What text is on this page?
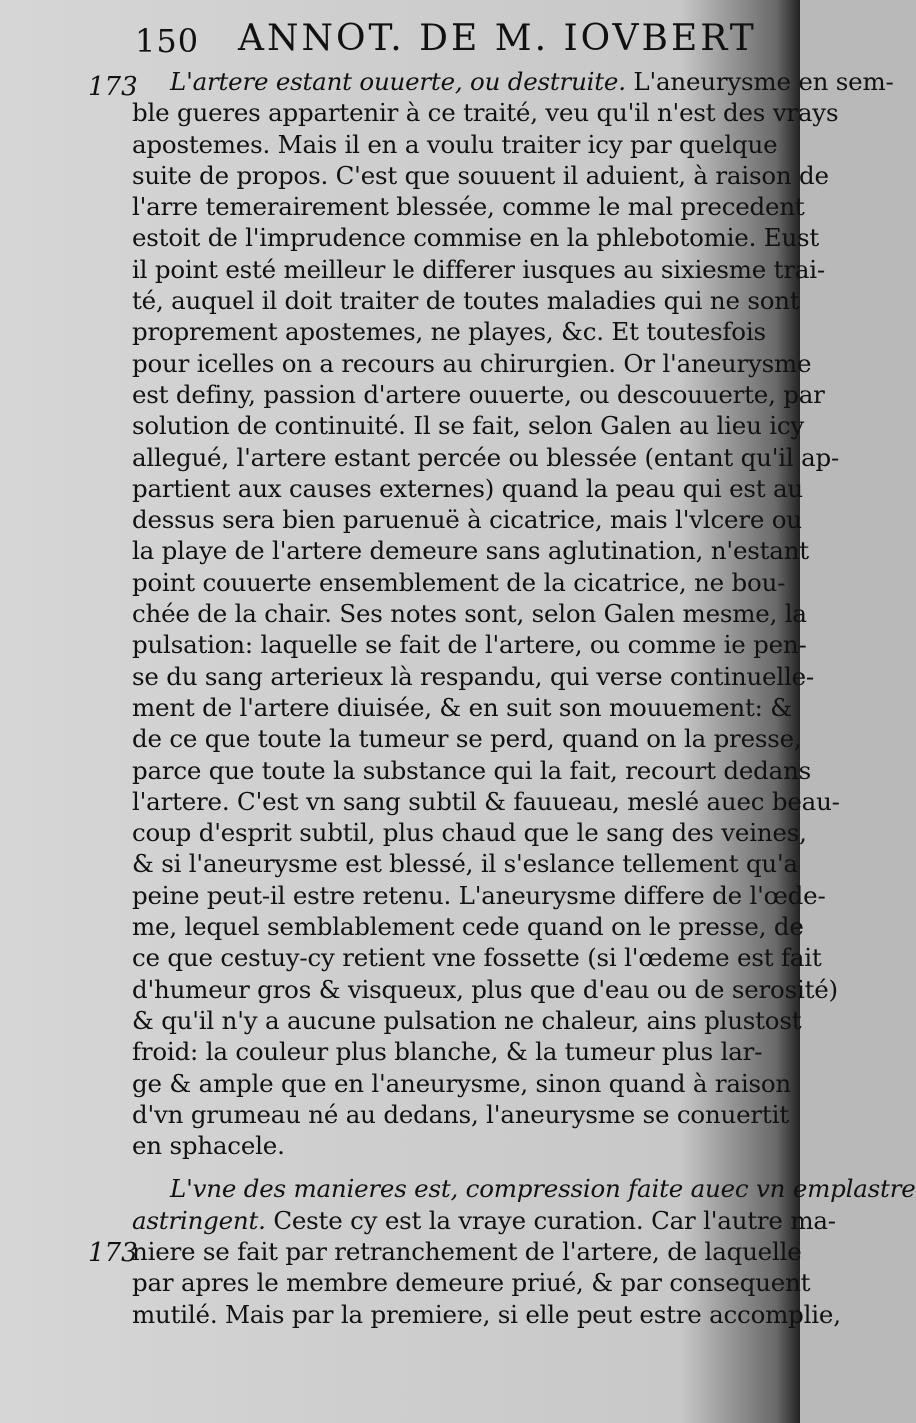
150 ANNOT. DE M. IOVBERT
173
173
L'artere estant ouuerte, ou destruite. L'aneurysme en sem-
ble gueres appartenir à ce traité, veu qu'il n'est des vrays
apostemes. Mais il en a voulu traiter icy par quelque
suite de propos. C'est que souuent il aduient, à raison de
l'arre temerairement blessée, comme le mal precedent
estoit de l'imprudence commise en la phlebotomie. Eust
il point esté meilleur le differer iusques au sixiesme trai-
té, auquel il doit traiter de toutes maladies qui ne sont
proprement apostemes, ne playes, &c. Et toutesfois
pour icelles on a recours au chirurgien. Or l'aneurysme
est definy, passion d'artere ouuerte, ou descouuerte, par
solution de continuité. Il se fait, selon Galen au lieu icy
allegué, l'artere estant percée ou blessée (entant qu'il ap-
partient aux causes externes) quand la peau qui est au
dessus sera bien paruenuë à cicatrice, mais l'vlcere ou
la playe de l'artere demeure sans aglutination, n'estant
point couuerte ensemblement de la cicatrice, ne bou-
chée de la chair. Ses notes sont, selon Galen mesme, la
pulsation: laquelle se fait de l'artere, ou comme ie pen-
se du sang arterieux là respandu, qui verse continuelle-
ment de l'artere diuisée, & en suit son mouuement: &
de ce que toute la tumeur se perd, quand on la presse,
parce que toute la substance qui la fait, recourt dedans
l'artere. C'est vn sang subtil & fauueau, meslé auec beau-
coup d'esprit subtil, plus chaud que le sang des veines,
& si l'aneurysme est blessé, il s'eslance tellement qu'a
peine peut-il estre retenu. L'aneurysme differe de l'œde-
me, lequel semblablement cede quand on le presse, de
ce que cestuy-cy retient vne fossette (si l'œdeme est fait
d'humeur gros & visqueux, plus que d'eau ou de serosité)
& qu'il n'y a aucune pulsation ne chaleur, ains plustost
froid: la couleur plus blanche, & la tumeur plus lar-
ge & ample que en l'aneurysme, sinon quand à raison
d'vn grumeau né au dedans, l'aneurysme se conuertit
en sphacele.
L'vne des manieres est, compression faite auec vn emplastre
astringent. Ceste cy est la vraye curation. Car l'autre ma-
niere se fait par retranchement de l'artere, de laquelle
par apres le membre demeure priué, & par consequent
mutilé. Mais par la premiere, si elle peut estre accomplie,
